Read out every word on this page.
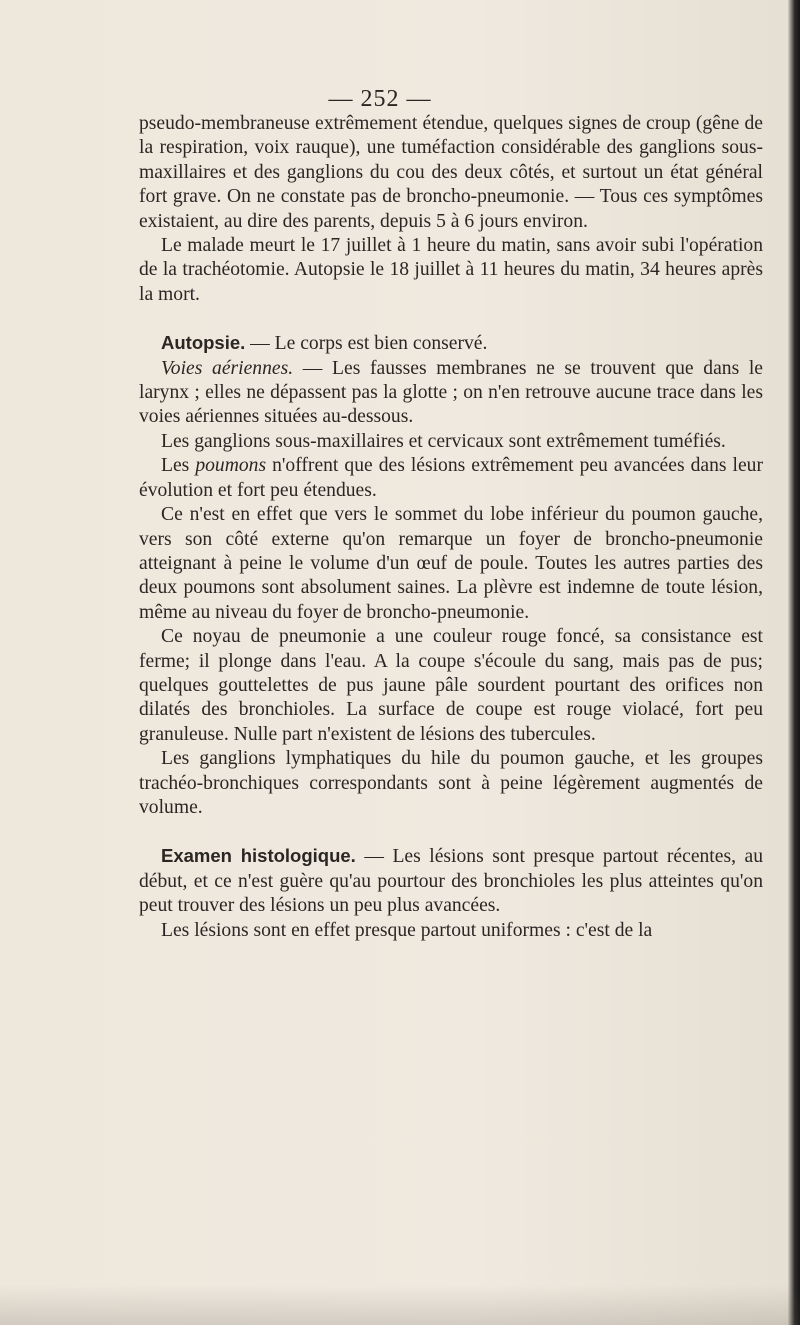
— 252 —

pseudo-membraneuse extrêmement étendue, quelques signes de croup (gêne de la respiration, voix rauque), une tuméfaction considérable des ganglions sous-maxillaires et des ganglions du cou des deux côtés, et surtout un état général fort grave. On ne constate pas de broncho-pneumonie. — Tous ces symptômes existaient, au dire des parents, depuis 5 à 6 jours environ.

Le malade meurt le 17 juillet à 1 heure du matin, sans avoir subi l'opération de la trachéotomie. Autopsie le 18 juillet à 11 heures du matin, 34 heures après la mort.

Autopsie. — Le corps est bien conservé.

Voies aériennes. — Les fausses membranes ne se trouvent que dans le larynx ; elles ne dépassent pas la glotte ; on n'en retrouve aucune trace dans les voies aériennes situées au-dessous.

Les ganglions sous-maxillaires et cervicaux sont extrêmement tuméfiés.

Les poumons n'offrent que des lésions extrêmement peu avancées dans leur évolution et fort peu étendues.

Ce n'est en effet que vers le sommet du lobe inférieur du poumon gauche, vers son côté externe qu'on remarque un foyer de broncho-pneumonie atteignant à peine le volume d'un œuf de poule. Toutes les autres parties des deux poumons sont absolument saines. La plèvre est indemne de toute lésion, même au niveau du foyer de broncho-pneumonie.

Ce noyau de pneumonie a une couleur rouge foncé, sa consistance est ferme; il plonge dans l'eau. A la coupe s'écoule du sang, mais pas de pus; quelques gouttelettes de pus jaune pâle sourdent pourtant des orifices non dilatés des bronchioles. La surface de coupe est rouge violacé, fort peu granuleuse. Nulle part n'existent de lésions des tubercules.

Les ganglions lymphatiques du hile du poumon gauche, et les groupes trachéo-bronchiques correspondants sont à peine légèrement augmentés de volume.

Examen histologique. — Les lésions sont presque partout récentes, au début, et ce n'est guère qu'au pourtour des bronchioles les plus atteintes qu'on peut trouver des lésions un peu plus avancées.

Les lésions sont en effet presque partout uniformes : c'est de la
